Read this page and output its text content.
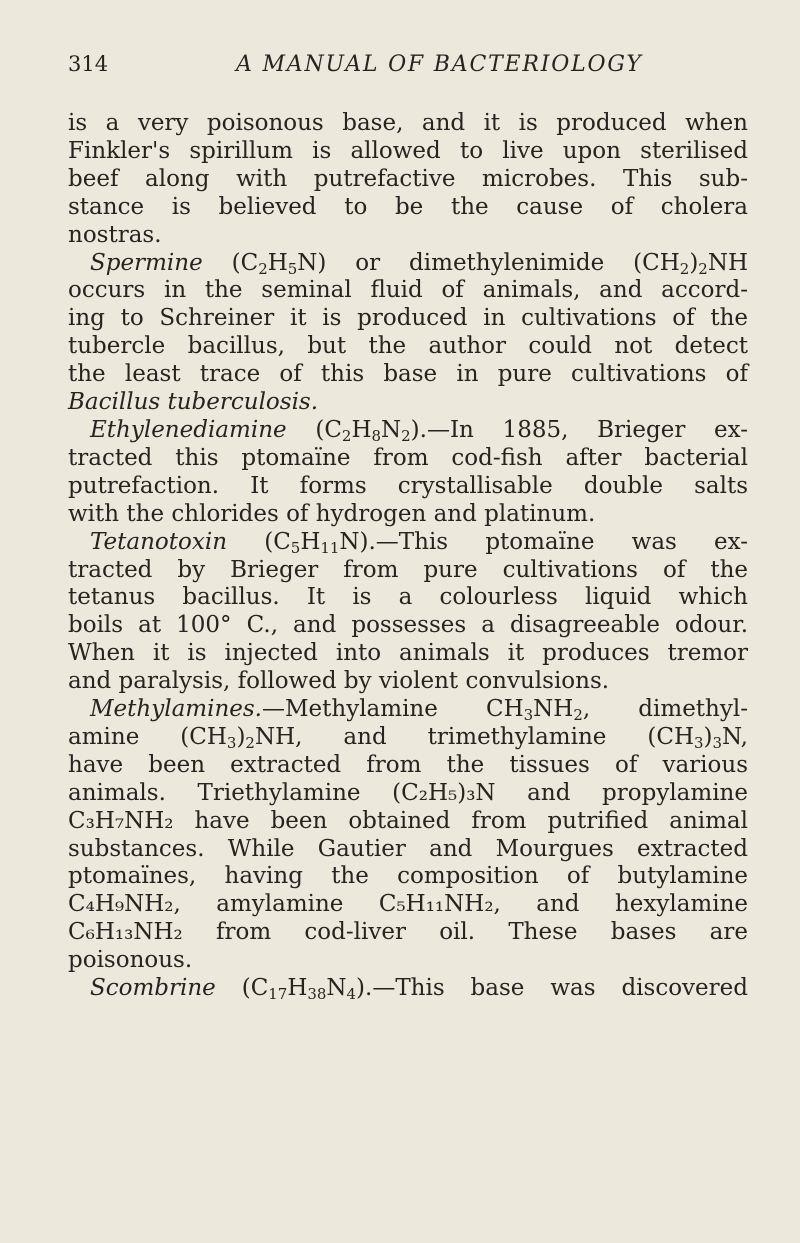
314	A MANUAL OF BACTERIOLOGY

is a very poisonous base, and it is produced when
Finkler's spirillum is allowed to live upon sterilised
beef along with putrefactive microbes. This sub-
stance is believed to be the cause of cholera
nostras.

Spermine $(C_2H_5N)$ or dimethylenimide $(CH_2)_2NH$
occurs in the seminal fluid of animals, and accord-
ing to Schreiner it is produced in cultivations of the
tubercle bacillus, but the author could not detect
the least trace of this base in pure cultivations of
Bacillus tuberculosis.

Ethylenediamine $(C_2H_8N_2).—In$ 1885, Brieger ex-
tracted this ptomaïne from cod-fish after bacterial
putrefaction. It forms crystallisable double salts
with the chlorides of hydrogen and platinum.

Tetanotoxin $(C_5H_{11}N).—This$ ptomaïne was ex-
tracted by Brieger from pure cultivations of the
tetanus bacillus. It is a colourless liquid which
boils at 100° C., and possesses a disagreeable odour.
When it is injected into animals it produces tremor
and paralysis, followed by violent convulsions.

Methylamines.—Methylamine $CH_3NH_2$, dimethyl-
amine $(CH_3)_2NH$, and trimethylamine $(CH_3)_3N$,
have been extracted from the tissues of various
animals. Triethylamine (C₂H₅)₃N and propylamine
C₃H₇NH₂ have been obtained from putrified animal
substances. While Gautier and Mourgues extracted
ptomaïnes, having the composition of butylamine
C₄H₉NH₂, amylamine C₅H₁₁NH₂, and hexylamine
C₆H₁₃NH₂ from cod-liver oil. These bases are
poisonous.

Scombrine $(C_{17}H_{38}N_4).—This$ base was discovered
